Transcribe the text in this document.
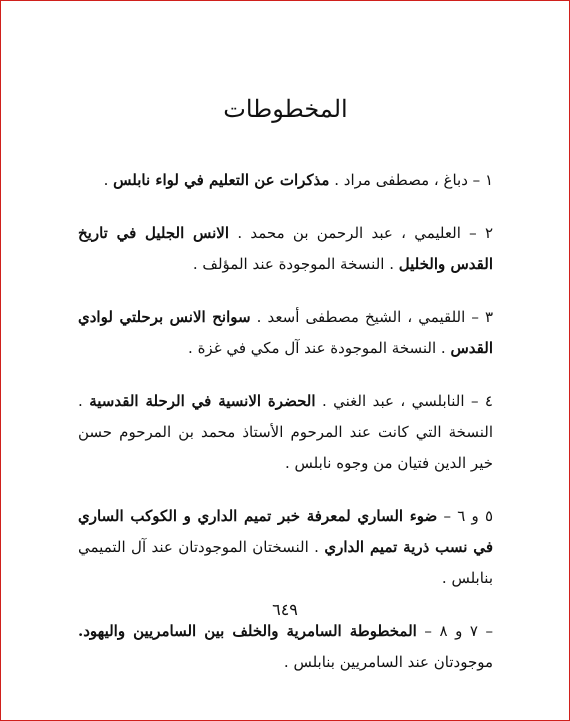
المخطوطات
١ – دباغ ، مصطفى مراد . مذكرات عن التعليم في لواء نابلس .
٢ – العليمي ، عبد الرحمن بن محمد . الانس الجليل في تاريخ القدس والخليل . النسخة الموجودة عند المؤلف .
٣ – اللقيمي ، الشيخ مصطفى أسعد . سوانح الانس برحلتي لوادي القدس . النسخة الموجودة عند آل مكي في غزة .
٤ – النابلسي ، عبد الغني . الحضرة الانسية في الرحلة القدسية . النسخة التي كانت عند المرحوم الأستاذ محمد بن المرحوم حسن خير الدين فتيان من وجوه نابلس .
٥ و ٦ – ضوء الساري لمعرفة خبر تميم الداري و الكوكب الساري في نسب ذرية تميم الداري . النسختان الموجودتان عند آل التميمي بنابلس .
– ٧ و ٨ – المخطوطة السامرية والخلف بين السامريين واليهود. موجودتان عند السامريين بنابلس .
٦٤٩
